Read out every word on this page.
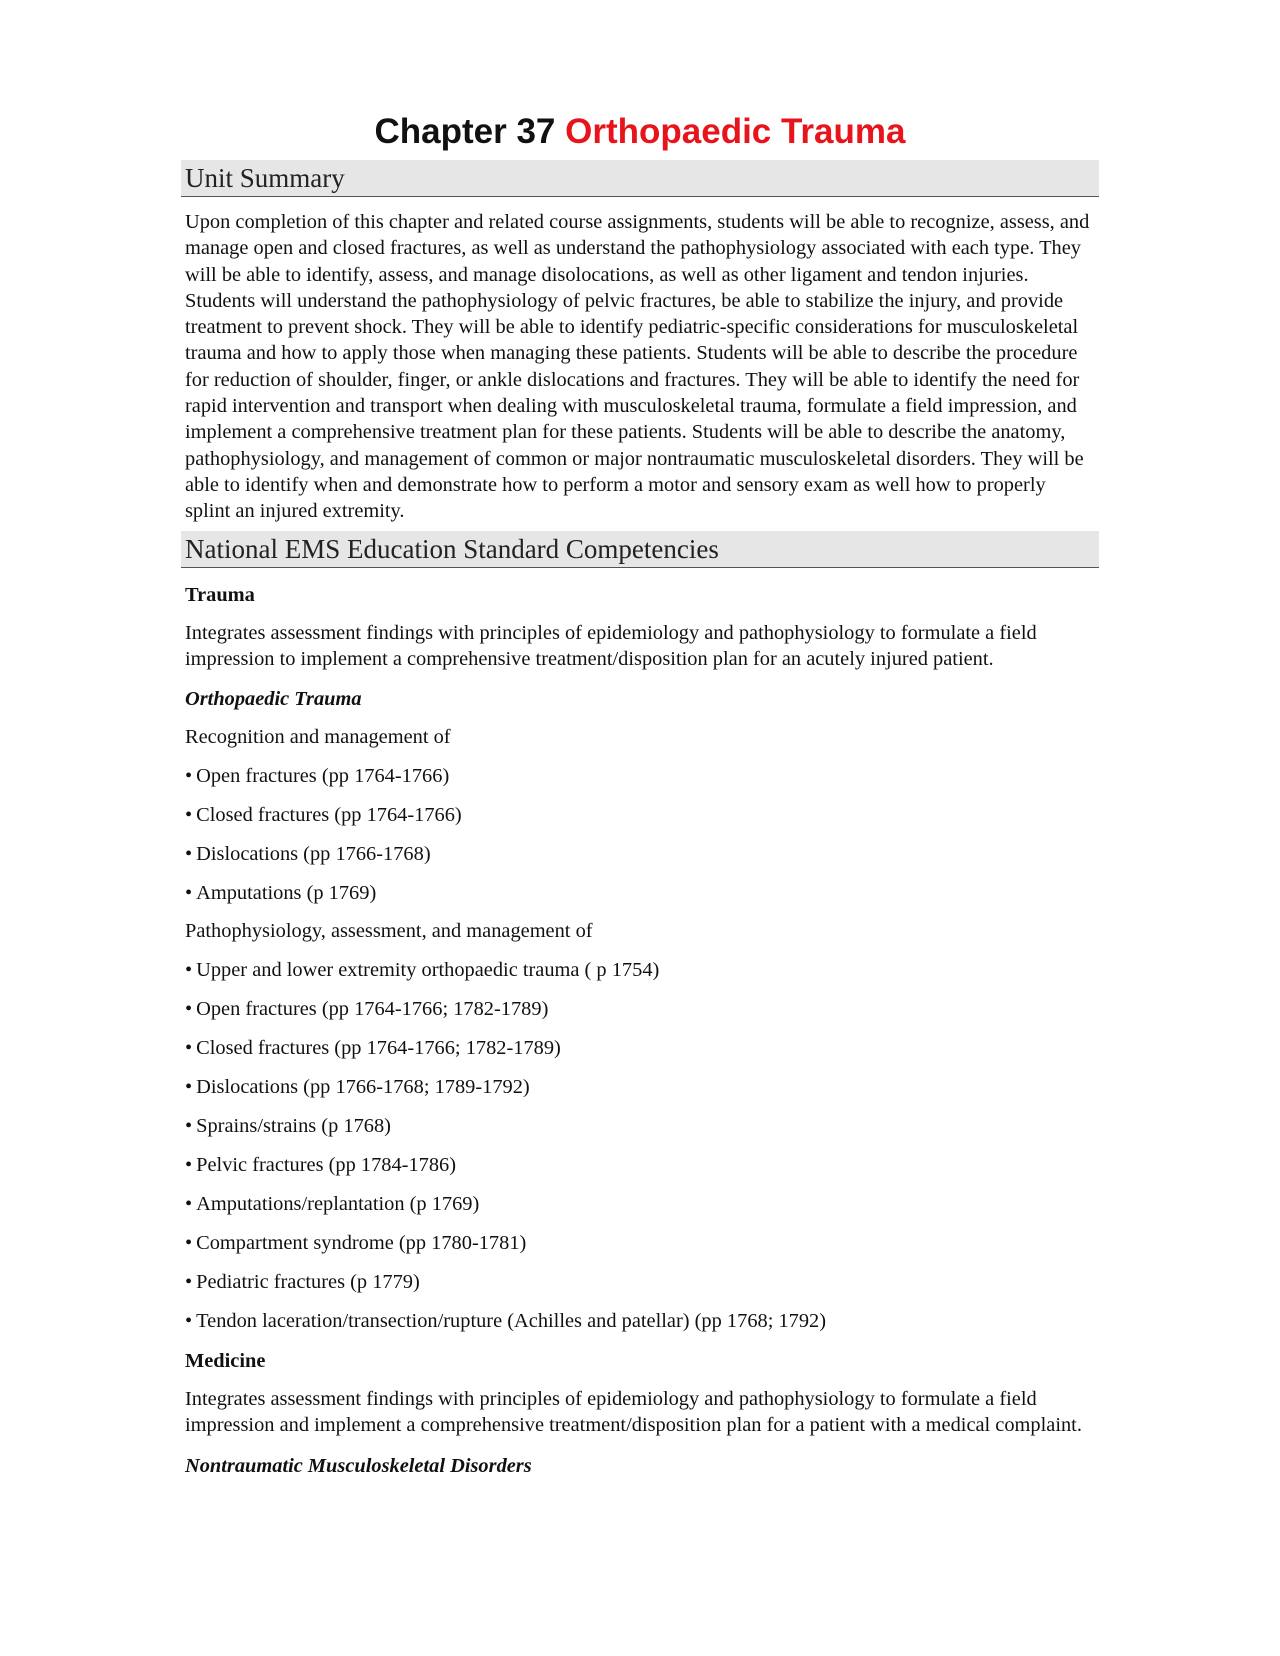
Chapter 37 Orthopaedic Trauma
Unit Summary

Upon completion of this chapter and related course assignments, students will be able to recognize, assess, and manage open and closed fractures, as well as understand the pathophysiology associated with each type. They will be able to identify, assess, and manage disolocations, as well as other ligament and tendon injuries. Students will understand the pathophysiology of pelvic fractures, be able to stabilize the injury, and provide treatment to prevent shock. They will be able to identify pediatric-specific considerations for musculoskeletal trauma and how to apply those when managing these patients. Students will be able to describe the procedure for reduction of shoulder, finger, or ankle dislocations and fractures. They will be able to identify the need for rapid intervention and transport when dealing with musculoskeletal trauma, formulate a field impression, and implement a comprehensive treatment plan for these patients. Students will be able to describe the anatomy, pathophysiology, and management of common or major nontraumatic musculoskeletal disorders. They will be able to identify when and demonstrate how to perform a motor and sensory exam as well how to properly splint an injured extremity.

National EMS Education Standard Competencies
Trauma

Integrates assessment findings with principles of epidemiology and pathophysiology to formulate a field impression to implement a comprehensive treatment/disposition plan for an acutely injured patient.

Orthopaedic Trauma
Recognition and management of
• Open fractures (pp 1764-1766)
• Closed fractures (pp 1764-1766)
• Dislocations (pp 1766-1768)
• Amputations (p 1769)
Pathophysiology, assessment, and management of
• Upper and lower extremity orthopaedic trauma ( p 1754)
• Open fractures (pp 1764-1766; 1782-1789)
• Closed fractures (pp 1764-1766; 1782-1789)
• Dislocations (pp 1766-1768; 1789-1792)
• Sprains/strains (p 1768)
• Pelvic fractures (pp 1784-1786)
• Amputations/replantation (p 1769)
• Compartment syndrome (pp 1780-1781)
• Pediatric fractures (p 1779)
• Tendon laceration/transection/rupture (Achilles and patellar) (pp 1768; 1792)
Medicine

Integrates assessment findings with principles of epidemiology and pathophysiology to formulate a field impression and implement a comprehensive treatment/disposition plan for a patient with a medical complaint.

Nontraumatic Musculoskeletal Disorders
